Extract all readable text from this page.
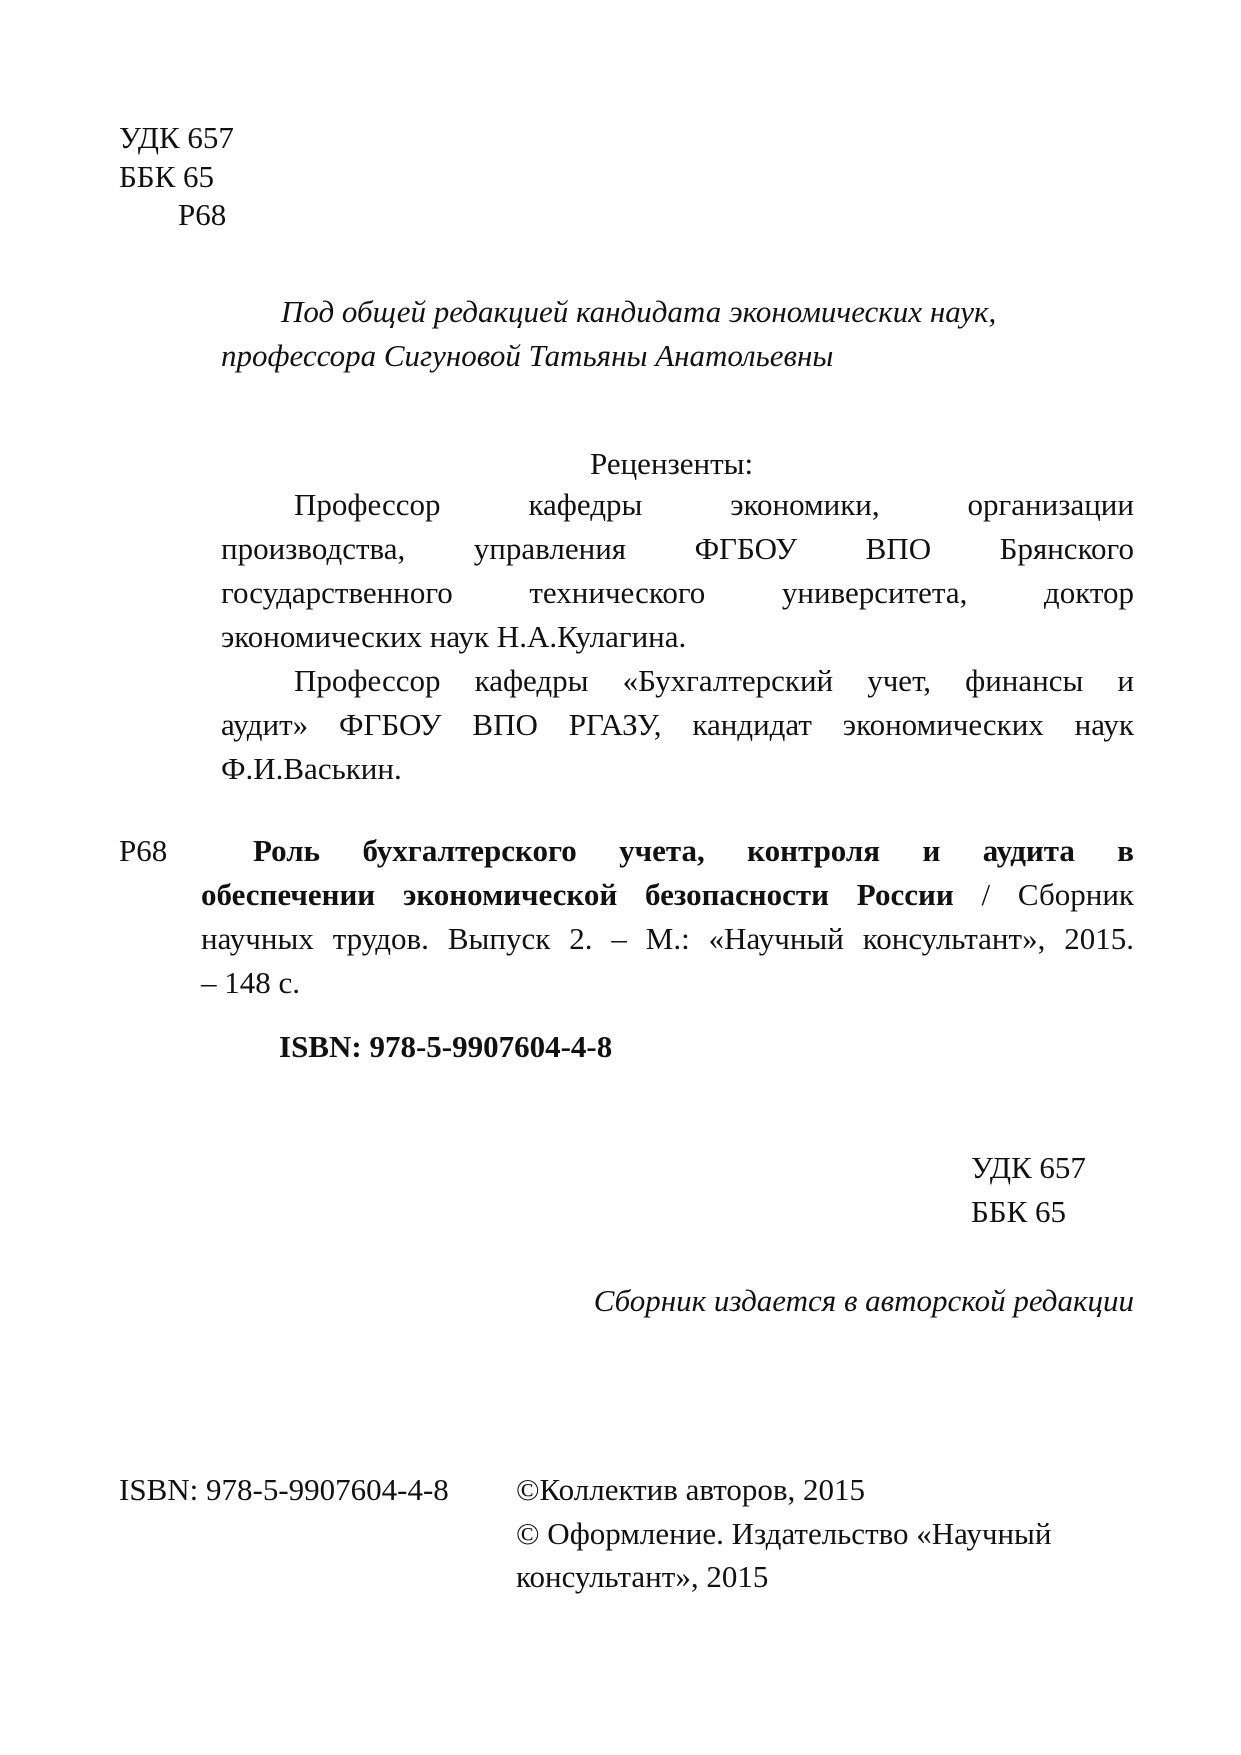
УДК 657
ББК 65
Р68
Под общей редакцией кандидата экономических наук,
профессора Сигуновой Татьяны Анатольевны
Рецензенты:
Профессор кафедры экономики, организации
производства, управления ФГБОУ ВПО Брянского
государственного технического университета, доктор
экономических наук Н.А.Кулагина.
Профессор кафедры «Бухгалтерский учет, финансы и
аудит» ФГБОУ ВПО РГАЗУ, кандидат экономических наук
Ф.И.Васькин.
Р68	Роль бухгалтерского учета, контроля и аудита в
обеспечении экономической безопасности России / Сборник
научных трудов. Выпуск 2. – М.: «Научный консультант», 2015.
– 148 с.
ISBN: 978-5-9907604-4-8
УДК 657
ББК 65
Сборник издается в авторской редакции
ISBN: 978-5-9907604-4-8 ©Коллектив авторов, 2015
© Оформление. Издательство «Научный
консультант», 2015
